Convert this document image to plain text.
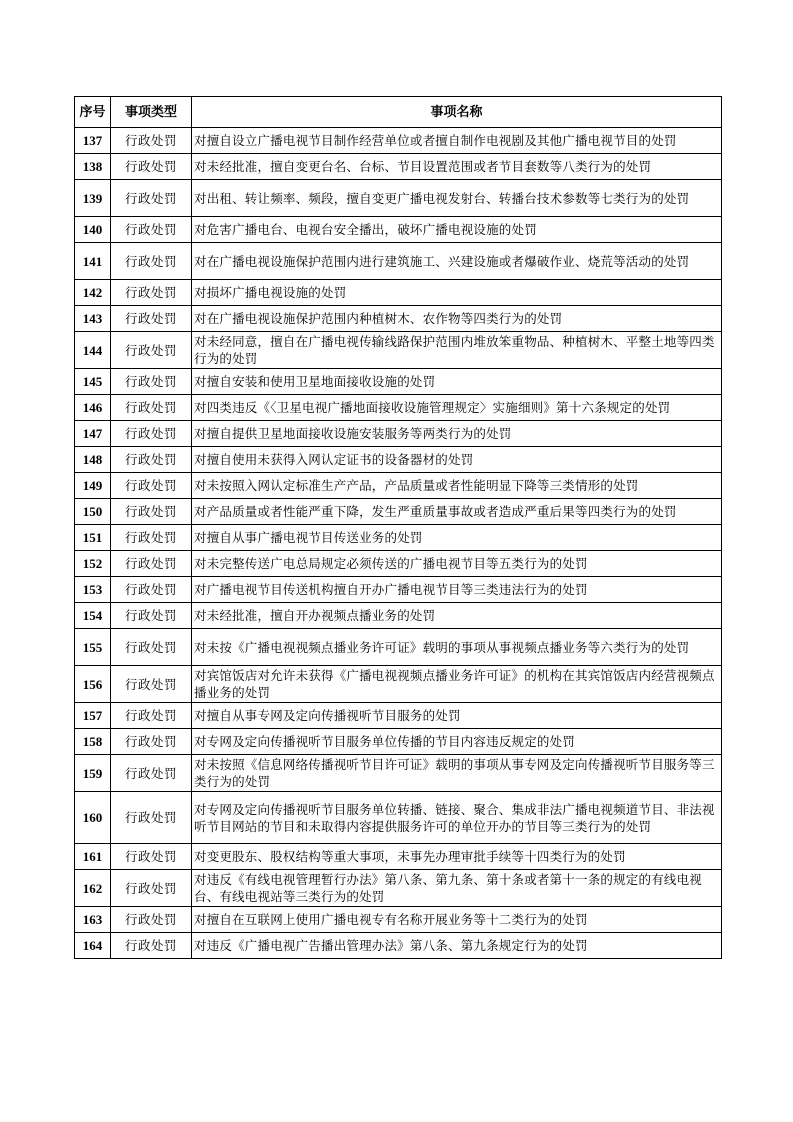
序号	事项类型	事项名称
137	行政处罚	对擅自设立广播电视节目制作经营单位或者擅自制作电视剧及其他广播电视节目的处罚
138	行政处罚	对未经批准，擅自变更台名、台标、节目设置范围或者节目套数等八类行为的处罚
139	行政处罚	对出租、转让频率、频段，擅自变更广播电视发射台、转播台技术参数等七类行为的处罚
140	行政处罚	对危害广播电台、电视台安全播出，破坏广播电视设施的处罚
141	行政处罚	对在广播电视设施保护范围内进行建筑施工、兴建设施或者爆破作业、烧荒等活动的处罚
142	行政处罚	对损坏广播电视设施的处罚
143	行政处罚	对在广播电视设施保护范围内种植树木、农作物等四类行为的处罚
144	行政处罚	对未经同意，擅自在广播电视传输线路保护范围内堆放笨重物品、种植树木、平整土地等四类行为的处罚
145	行政处罚	对擅自安装和使用卫星地面接收设施的处罚
146	行政处罚	对四类违反《〈卫星电视广播地面接收设施管理规定〉实施细则》第十六条规定的处罚
147	行政处罚	对擅自提供卫星地面接收设施安装服务等两类行为的处罚
148	行政处罚	对擅自使用未获得入网认定证书的设备器材的处罚
149	行政处罚	对未按照入网认定标准生产产品，产品质量或者性能明显下降等三类情形的处罚
150	行政处罚	对产品质量或者性能严重下降，发生严重质量事故或者造成严重后果等四类行为的处罚
151	行政处罚	对擅自从事广播电视节目传送业务的处罚
152	行政处罚	对未完整传送广电总局规定必须传送的广播电视节目等五类行为的处罚
153	行政处罚	对广播电视节目传送机构擅自开办广播电视节目等三类违法行为的处罚
154	行政处罚	对未经批准，擅自开办视频点播业务的处罚
155	行政处罚	对未按《广播电视视频点播业务许可证》载明的事项从事视频点播业务等六类行为的处罚
156	行政处罚	对宾馆饭店对允许未获得《广播电视视频点播业务许可证》的机构在其宾馆饭店内经营视频点播业务的处罚
157	行政处罚	对擅自从事专网及定向传播视听节目服务的处罚
158	行政处罚	对专网及定向传播视听节目服务单位传播的节目内容违反规定的处罚
159	行政处罚	对未按照《信息网络传播视听节目许可证》载明的事项从事专网及定向传播视听节目服务等三类行为的处罚
160	行政处罚	对专网及定向传播视听节目服务单位转播、链接、聚合、集成非法广播电视频道节目、非法视听节目网站的节目和未取得内容提供服务许可的单位开办的节目等三类行为的处罚
161	行政处罚	对变更股东、股权结构等重大事项，未事先办理审批手续等十四类行为的处罚
162	行政处罚	对违反《有线电视管理暂行办法》第八条、第九条、第十条或者第十一条的规定的有线电视台、有线电视站等三类行为的处罚
163	行政处罚	对擅自在互联网上使用广播电视专有名称开展业务等十二类行为的处罚
164	行政处罚	对违反《广播电视广告播出管理办法》第八条、第九条规定行为的处罚
